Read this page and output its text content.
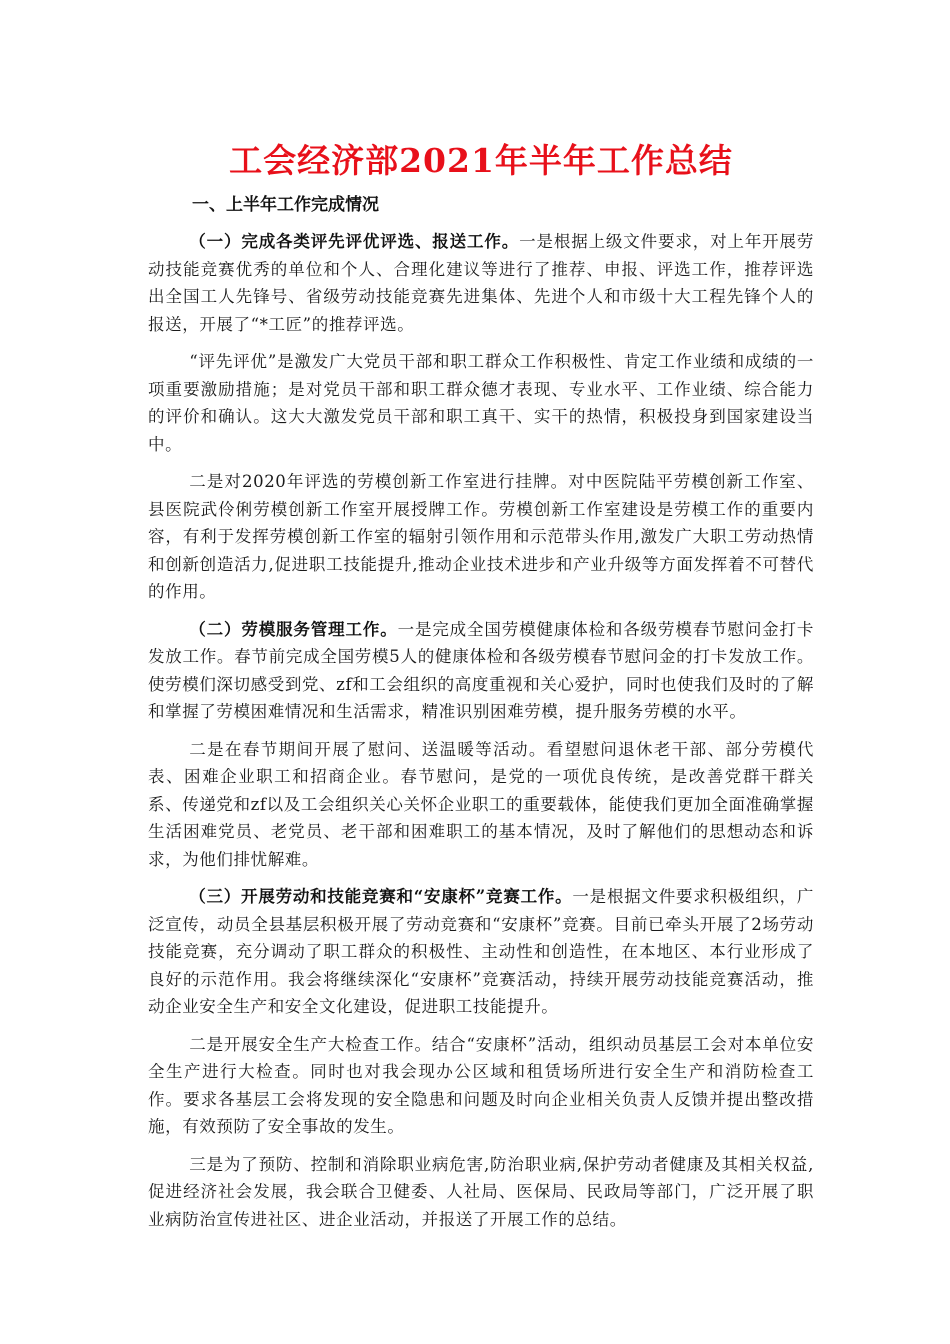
工会经济部2021年半年工作总结
一、上半年工作完成情况

（一）完成各类评先评优评选、报送工作。一是根据上级文件要求，对上年开展劳动技能竞赛优秀的单位和个人、合理化建议等进行了推荐、申报、评选工作，推荐评选出全国工人先锋号、省级劳动技能竞赛先进集体、先进个人和市级十大工程先锋个人的报送，开展了“*工匠”的推荐评选。

“评先评优”是激发广大党员干部和职工群众工作积极性、肯定工作业绩和成绩的一项重要激励措施；是对党员干部和职工群众德才表现、专业水平、工作业绩、综合能力的评价和确认。这大大激发党员干部和职工真干、实干的热情，积极投身到国家建设当中。

二是对2020年评选的劳模创新工作室进行挂牌。对中医院陆平劳模创新工作室、县医院武伶俐劳模创新工作室开展授牌工作。劳模创新工作室建设是劳模工作的重要内容，有利于发挥劳模创新工作室的辐射引领作用和示范带头作用,激发广大职工劳动热情和创新创造活力,促进职工技能提升,推动企业技术进步和产业升级等方面发挥着不可替代的作用。

（二）劳模服务管理工作。一是完成全国劳模健康体检和各级劳模春节慰问金打卡发放工作。春节前完成全国劳模5人的健康体检和各级劳模春节慰问金的打卡发放工作。使劳模们深切感受到党、zf和工会组织的高度重视和关心爱护，同时也使我们及时的了解和掌握了劳模困难情况和生活需求，精准识别困难劳模，提升服务劳模的水平。

二是在春节期间开展了慰问、送温暖等活动。看望慰问退休老干部、部分劳模代表、困难企业职工和招商企业。春节慰问，是党的一项优良传统，是改善党群干群关系、传递党和zf以及工会组织关心关怀企业职工的重要载体，能使我们更加全面准确掌握生活困难党员、老党员、老干部和困难职工的基本情况，及时了解他们的思想动态和诉求，为他们排忧解难。

（三）开展劳动和技能竞赛和“安康杯”竞赛工作。一是根据文件要求积极组织，广泛宣传，动员全县基层积极开展了劳动竞赛和“安康杯”竞赛。目前已牵头开展了2场劳动技能竞赛，充分调动了职工群众的积极性、主动性和创造性，在本地区、本行业形成了良好的示范作用。我会将继续深化“安康杯”竞赛活动，持续开展劳动技能竞赛活动，推动企业安全生产和安全文化建设，促进职工技能提升。

二是开展安全生产大检查工作。结合“安康杯”活动，组织动员基层工会对本单位安全生产进行大检查。同时也对我会现办公区域和租赁场所进行安全生产和消防检查工作。要求各基层工会将发现的安全隐患和问题及时向企业相关负责人反馈并提出整改措施，有效预防了安全事故的发生。

三是为了预防、控制和消除职业病危害,防治职业病,保护劳动者健康及其相关权益,促进经济社会发展，我会联合卫健委、人社局、医保局、民政局等部门，广泛开展了职业病防治宣传进社区、进企业活动，并报送了开展工作的总结。
